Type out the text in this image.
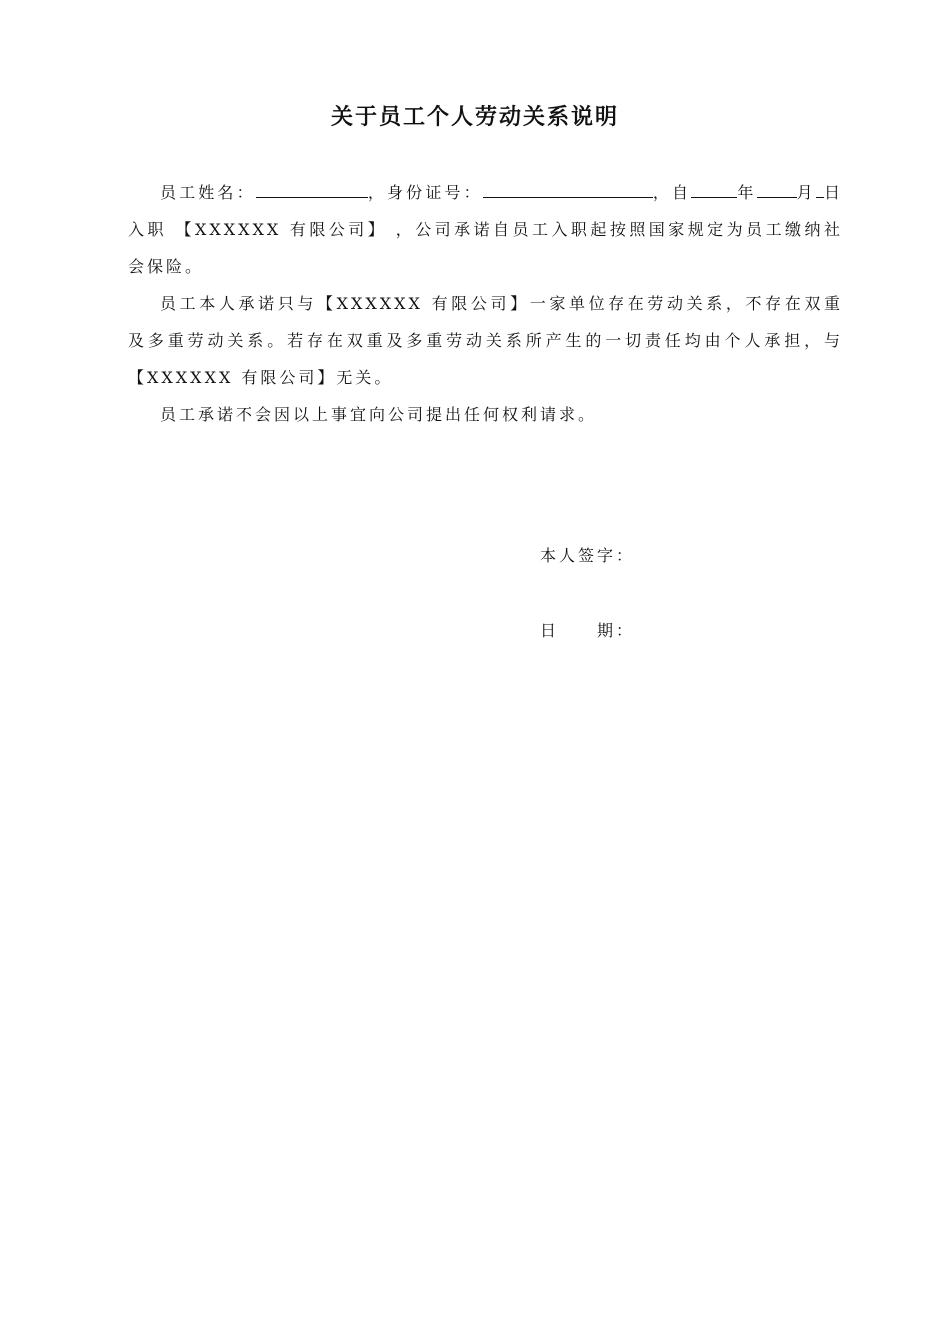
关于员工个人劳动关系说明

员工姓名：	，身份证号：	，自	年	月 日入职 【XXXXXX 有限公司】 ，公司承诺自员工入职起按照国家规定为员工缴纳社会保险。

员工本人承诺只与【XXXXXX 有限公司】一家单位存在劳动关系，不存在双重及多重劳动关系。若存在双重及多重劳动关系所产生的一切责任均由个人承担，与【XXXXXX 有限公司】无关。

员工承诺不会因以上事宜向公司提出任何权利请求。

本人签字：
日 期：
